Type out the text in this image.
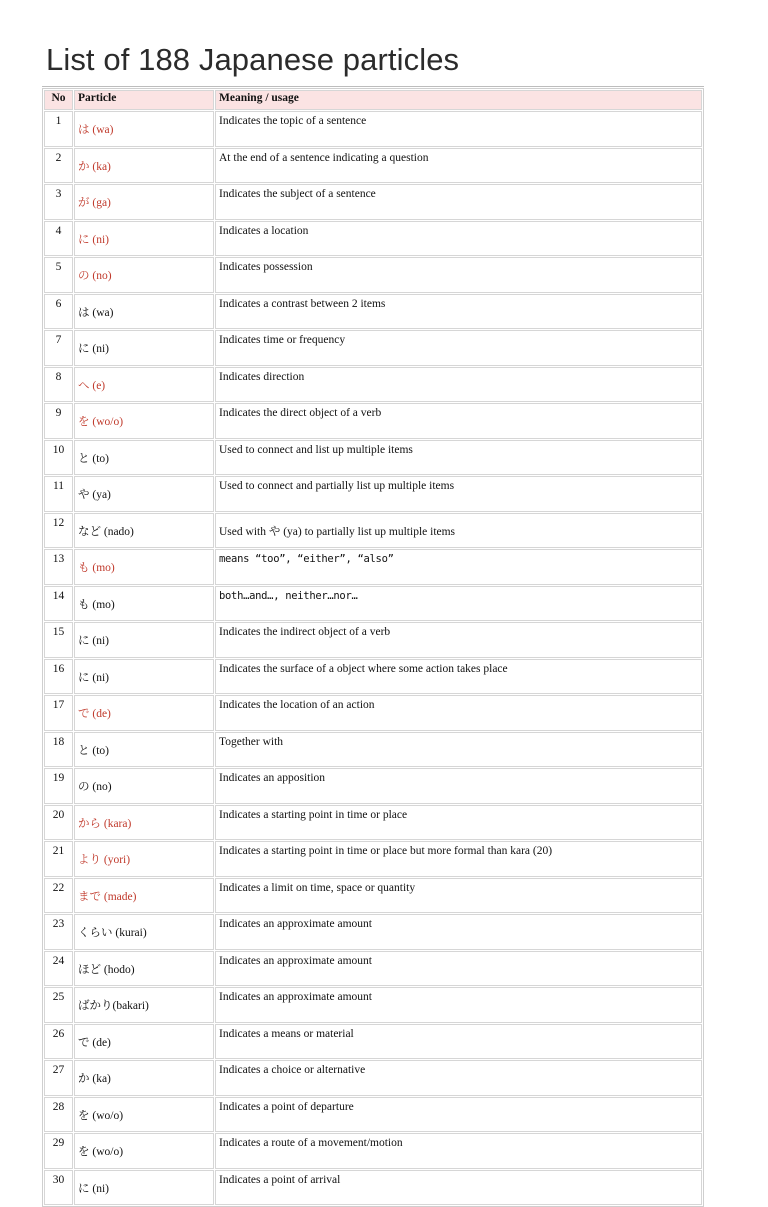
List of 188 Japanese particles
No	Particle	Meaning / usage
1	は (wa)	Indicates the topic of a sentence
2	か (ka)	At the end of a sentence indicating a question
3	が (ga)	Indicates the subject of a sentence
4	に (ni)	Indicates a location
5	の (no)	Indicates possession
6	は (wa)	Indicates a contrast between 2 items
7	に (ni)	Indicates time or frequency
8	へ (e)	Indicates direction
9	を (wo/o)	Indicates the direct object of a verb
10	と (to)	Used to connect and list up multiple items
11	や (ya)	Used to connect and partially list up multiple items
12	など (nado)	Used with や (ya) to partially list up multiple items
13	も (mo)	means “too”, “either”, “also”
14	も (mo)	both…and…, neither…nor…
15	に (ni)	Indicates the indirect object of a verb
16	に (ni)	Indicates the surface of a object where some action takes place
17	で (de)	Indicates the location of an action
18	と (to)	Together with
19	の (no)	Indicates an apposition
20	から (kara)	Indicates a starting point in time or place
21	より (yori)	Indicates a starting point in time or place but more formal than kara (20)
22	まで (made)	Indicates a limit on time, space or quantity
23	くらい (kurai)	Indicates an approximate amount
24	ほど (hodo)	Indicates an approximate amount
25	ばかり(bakari)	Indicates an approximate amount
26	で (de)	Indicates a means or material
27	か (ka)	Indicates a choice or alternative
28	を (wo/o)	Indicates a point of departure
29	を (wo/o)	Indicates a route of a movement/motion
30	に (ni)	Indicates a point of arrival
